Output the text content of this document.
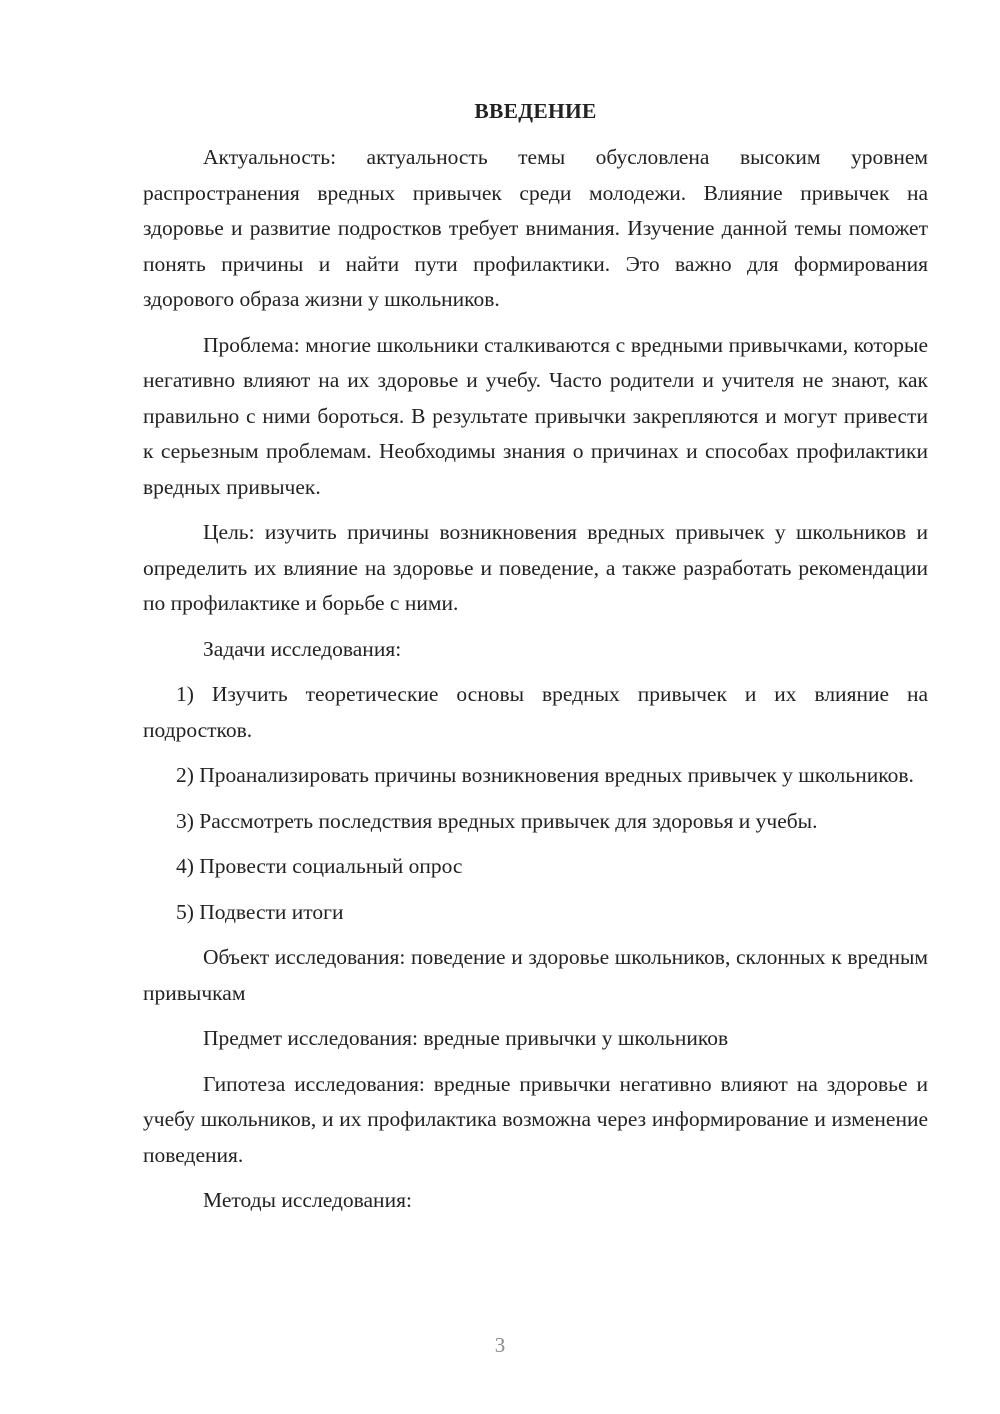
ВВЕДЕНИЕ

Актуальность: актуальность темы обусловлена высоким уровнем распространения вредных привычек среди молодежи. Влияние привычек на здоровье и развитие подростков требует внимания. Изучение данной темы поможет понять причины и найти пути профилактики. Это важно для формирования здорового образа жизни у школьников.

Проблема: многие школьники сталкиваются с вредными привычками, которые негативно влияют на их здоровье и учебу. Часто родители и учителя не знают, как правильно с ними бороться. В результате привычки закрепляются и могут привести к серьезным проблемам. Необходимы знания о причинах и способах профилактики вредных привычек.

Цель: изучить причины возникновения вредных привычек у школьников и определить их влияние на здоровье и поведение, а также разработать рекомендации по профилактике и борьбе с ними.

Задачи исследования:

1) Изучить теоретические основы вредных привычек и их влияние на подростков.

2) Проанализировать причины возникновения вредных привычек у школьников.

3) Рассмотреть последствия вредных привычек для здоровья и учебы.

4) Провести социальный опрос

5) Подвести итоги

Объект исследования: поведение и здоровье школьников, склонных к вредным привычкам

Предмет исследования: вредные привычки у школьников

Гипотеза исследования: вредные привычки негативно влияют на здоровье и учебу школьников, и их профилактика возможна через информирование и изменение поведения.

Методы исследования:

3
